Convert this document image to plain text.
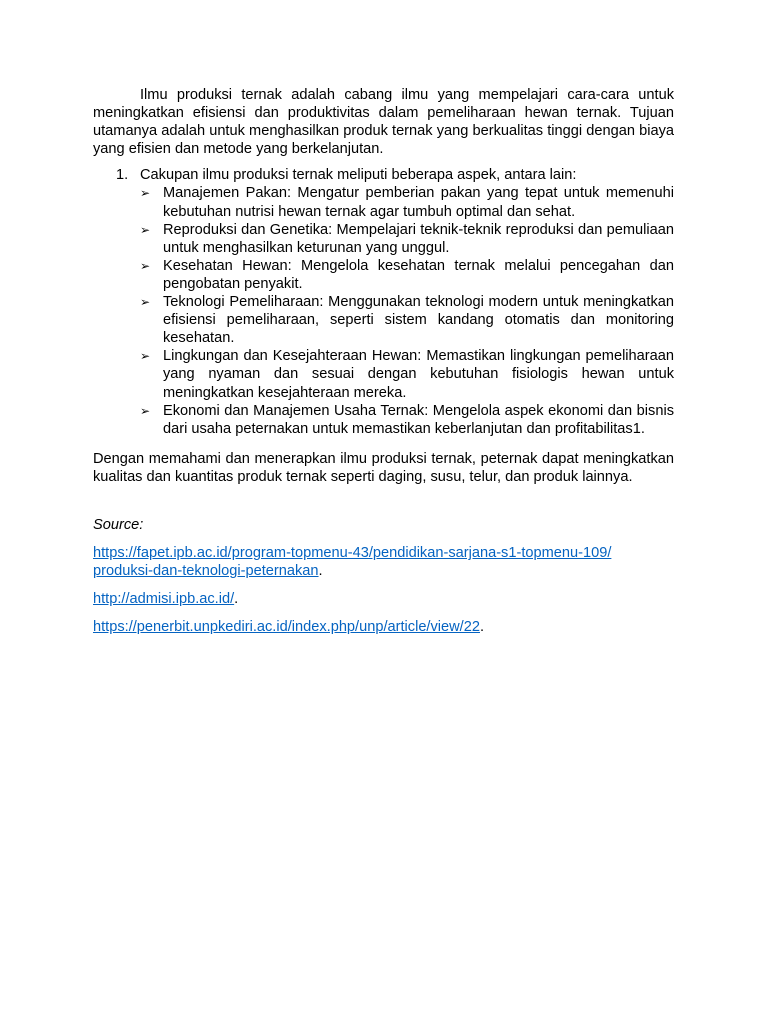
Ilmu produksi ternak adalah cabang ilmu yang mempelajari cara-cara untuk meningkatkan efisiensi dan produktivitas dalam pemeliharaan hewan ternak. Tujuan utamanya adalah untuk menghasilkan produk ternak yang berkualitas tinggi dengan biaya yang efisien dan metode yang berkelanjutan.

1. Cakupan ilmu produksi ternak meliputi beberapa aspek, antara lain:
➢ Manajemen Pakan: Mengatur pemberian pakan yang tepat untuk memenuhi kebutuhan nutrisi hewan ternak agar tumbuh optimal dan sehat.
➢ Reproduksi dan Genetika: Mempelajari teknik-teknik reproduksi dan pemuliaan untuk menghasilkan keturunan yang unggul.
➢ Kesehatan Hewan: Mengelola kesehatan ternak melalui pencegahan dan pengobatan penyakit.
➢ Teknologi Pemeliharaan: Menggunakan teknologi modern untuk meningkatkan efisiensi pemeliharaan, seperti sistem kandang otomatis dan monitoring kesehatan.
➢ Lingkungan dan Kesejahteraan Hewan: Memastikan lingkungan pemeliharaan yang nyaman dan sesuai dengan kebutuhan fisiologis hewan untuk meningkatkan kesejahteraan mereka.
➢ Ekonomi dan Manajemen Usaha Ternak: Mengelola aspek ekonomi dan bisnis dari usaha peternakan untuk memastikan keberlanjutan dan profitabilitas1.

Dengan memahami dan menerapkan ilmu produksi ternak, peternak dapat meningkatkan kualitas dan kuantitas produk ternak seperti daging, susu, telur, dan produk lainnya.

Source:
https://fapet.ipb.ac.id/program-topmenu-43/pendidikan-sarjana-s1-topmenu-109/
produksi-dan-teknologi-peternakan.
http://admisi.ipb.ac.id/.
https://penerbit.unpkediri.ac.id/index.php/unp/article/view/22.
